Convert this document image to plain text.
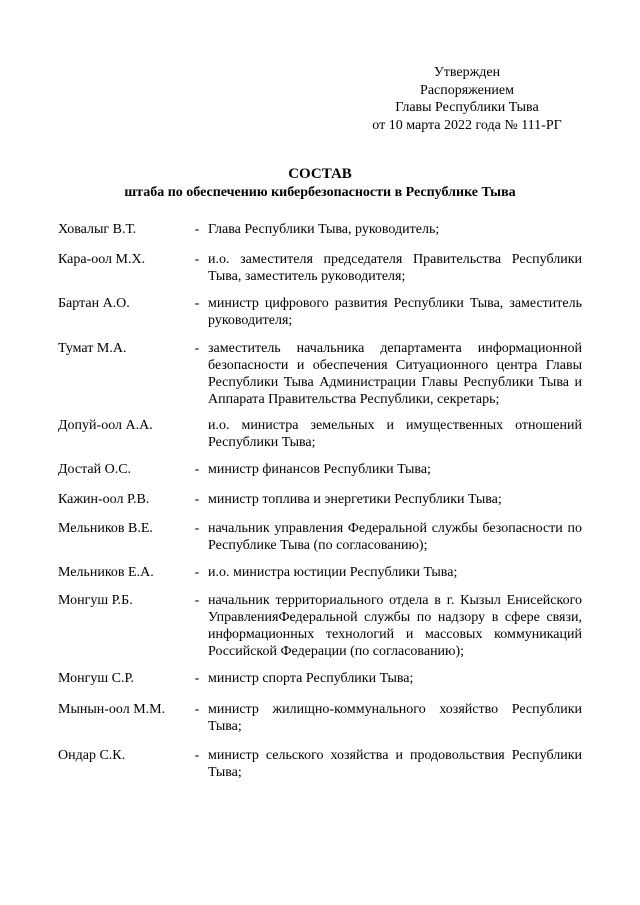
Утвержден
Распоряжением
Главы Республики Тыва
от 10 марта 2022 года № 111-РГ
СОСТАВ
штаба по обеспечению кибербезопасности в Республике Тыва
Ховалыг В.Т.	- Глава Республики Тыва, руководитель;
Кара-оол М.Х.	- и.о. заместителя председателя Правительства Республики Тыва, заместитель руководителя;
Бартан А.О.	- министр цифрового развития Республики Тыва, заместитель руководителя;
Тумат М.А.	- заместитель начальника департамента информационной безопасности и обеспечения Ситуационного центра Главы Республики Тыва Администрации Главы Республики Тыва и Аппарата Правительства Республики, секретарь;
Допуй-оол А.А.	и.о. министра земельных и имущественных отношений Республики Тыва;
Достай О.С.	- министр финансов Республики Тыва;
Кажин-оол Р.В.	- министр топлива и энергетики Республики Тыва;
Мельников В.Е.	- начальник управления Федеральной службы безопасности по Республике Тыва (по согласованию);
Мельников Е.А.	- и.о. министра юстиции Республики Тыва;
Монгуш Р.Б.	- начальник территориального отдела в г. Кызыл Енисейского УправленияФедеральной службы по надзору в сфере связи, информационных технологий и массовых коммуникаций Российской Федерации (по согласованию);
Монгуш С.Р.	- министр спорта Республики Тыва;
Мынын-оол М.М.	- министр жилищно-коммунального хозяйство Республики Тыва;
Ондар С.К.	- министр сельского хозяйства и продовольствия Республики Тыва;
